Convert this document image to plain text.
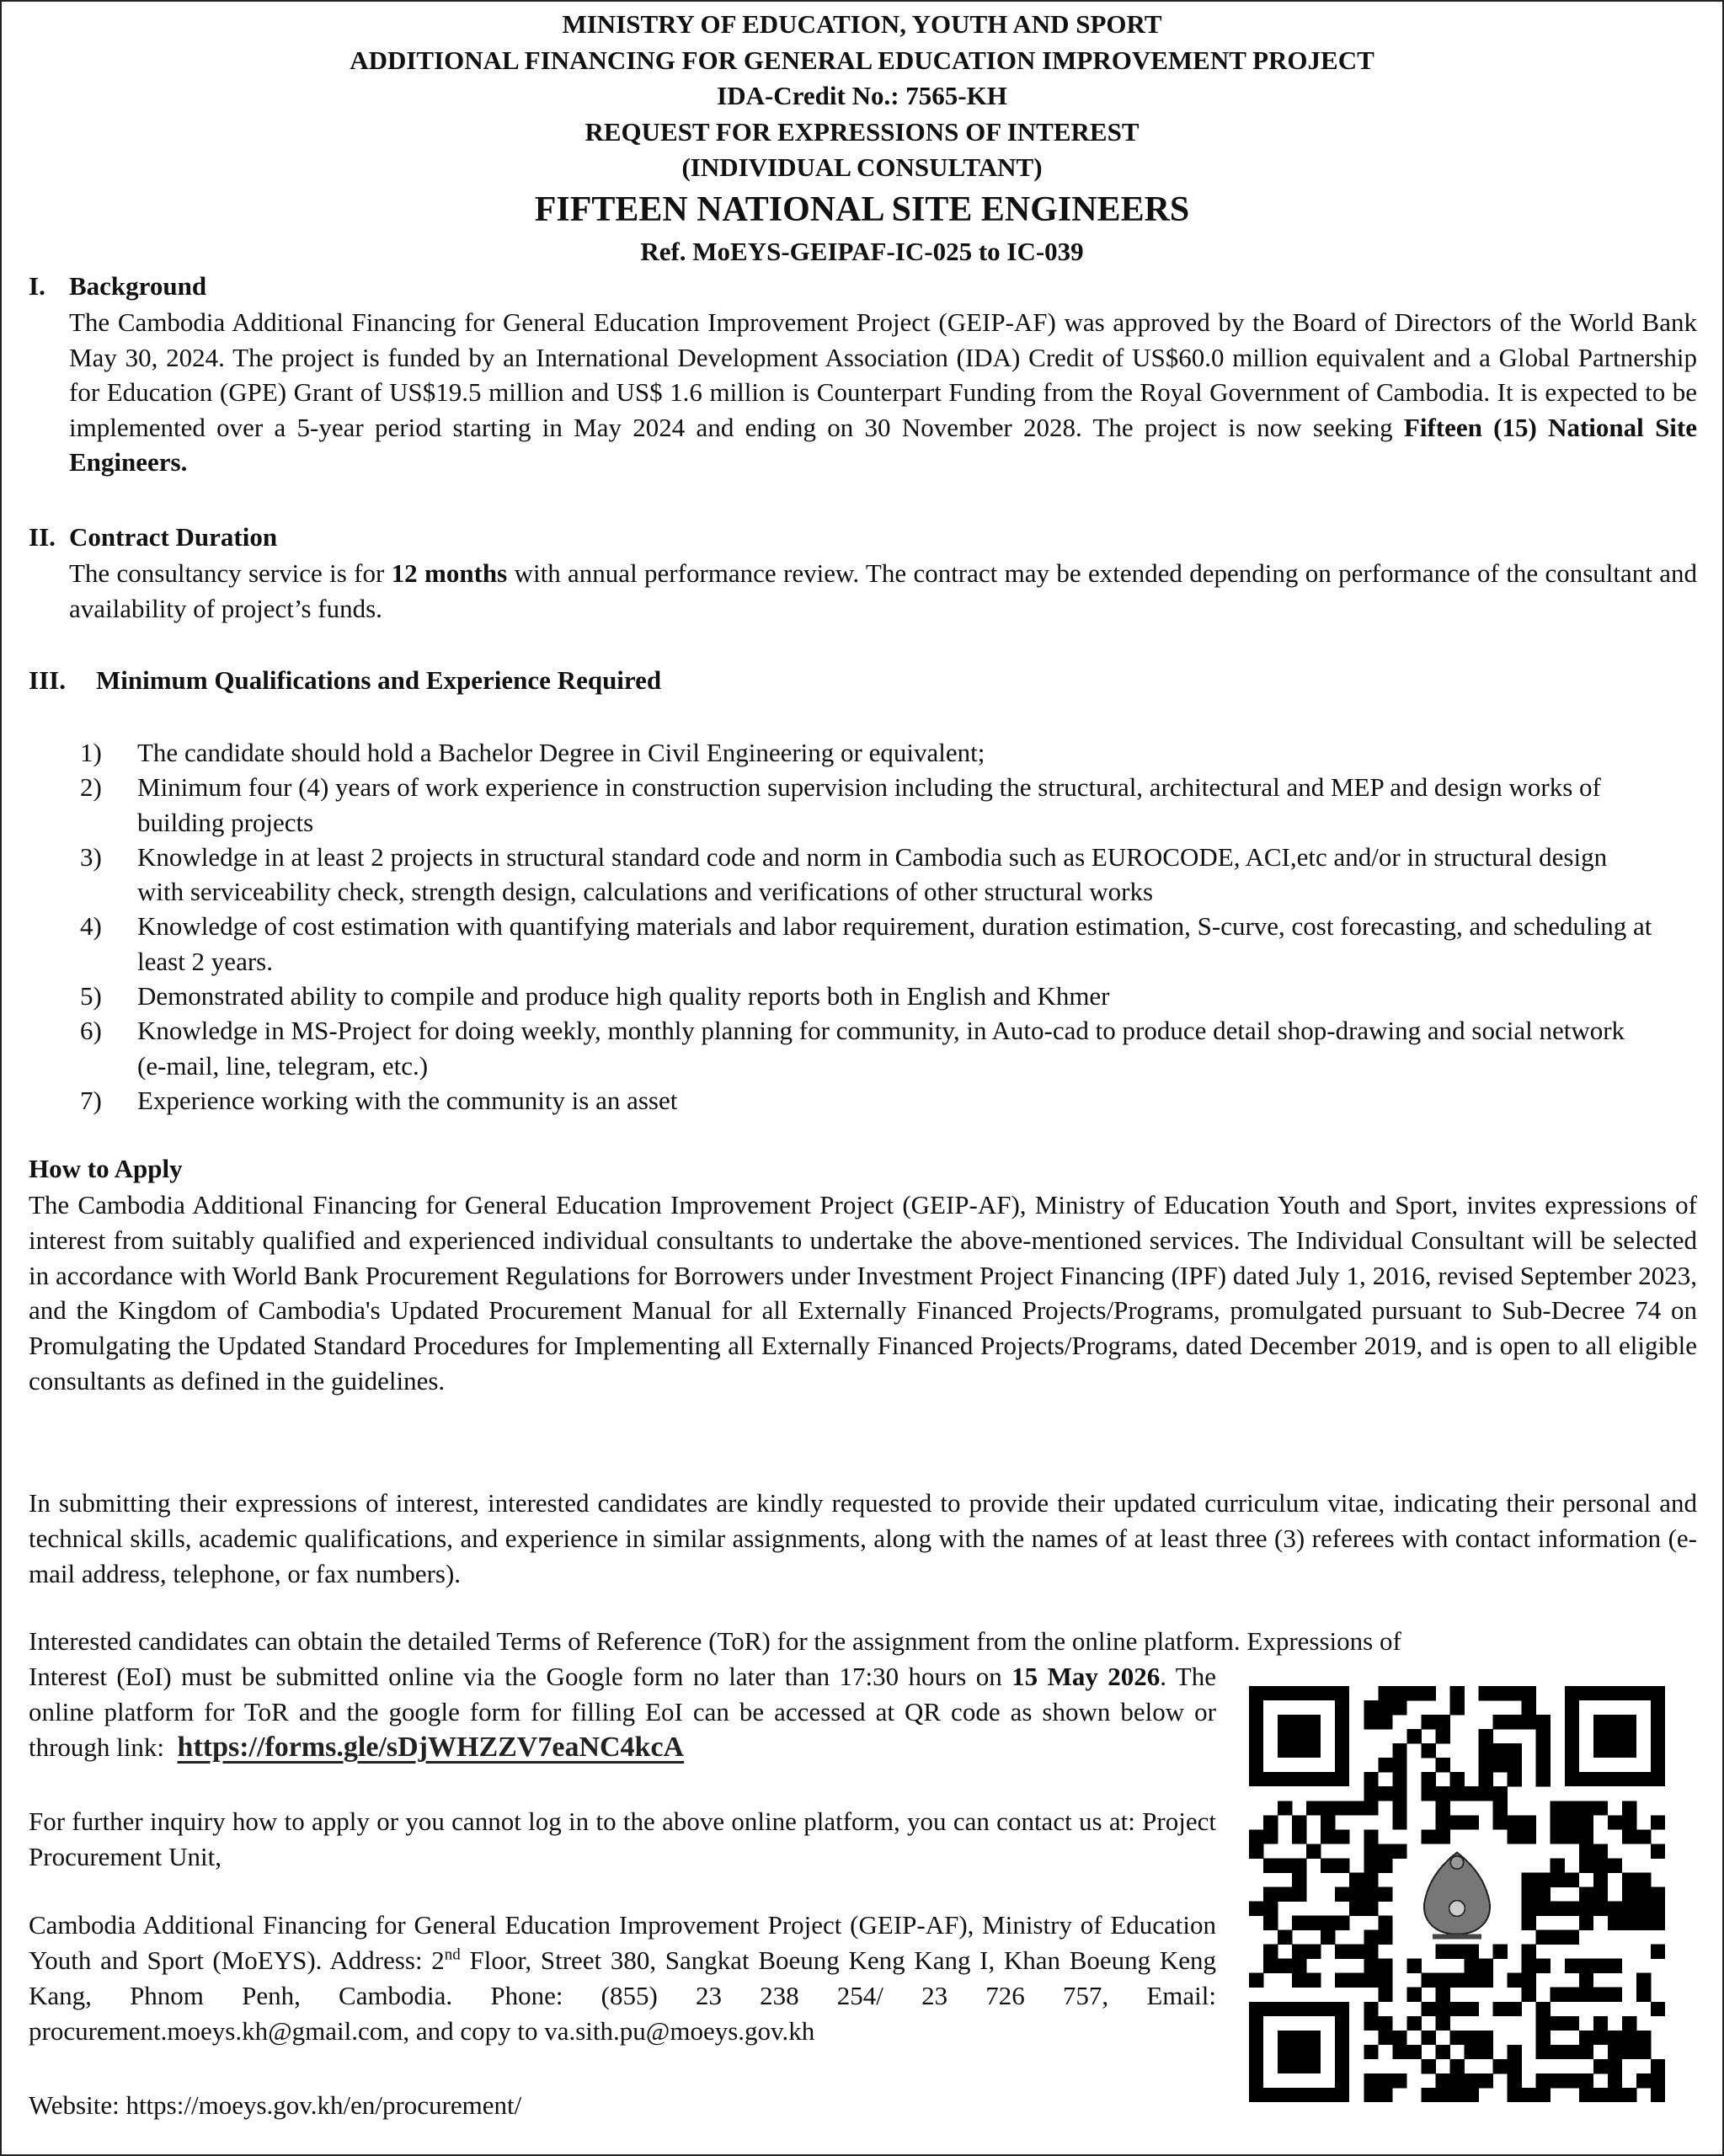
MINISTRY OF EDUCATION, YOUTH AND SPORT
ADDITIONAL FINANCING FOR GENERAL EDUCATION IMPROVEMENT PROJECT
IDA-Credit No.: 7565-KH
REQUEST FOR EXPRESSIONS OF INTEREST
(INDIVIDUAL CONSULTANT)
FIFTEEN NATIONAL SITE ENGINEERS
Ref. MoEYS-GEIPAF-IC-025 to IC-039
I. Background
The Cambodia Additional Financing for General Education Improvement Project (GEIP-AF) was approved by the Board of Directors of the World Bank May 30, 2024. The project is funded by an International Development Association (IDA) Credit of US$60.0 million equivalent and a Global Partnership for Education (GPE) Grant of US$19.5 million and US$ 1.6 million is Counterpart Funding from the Royal Government of Cambodia. It is expected to be implemented over a 5-year period starting in May 2024 and ending on 30 November 2028. The project is now seeking Fifteen (15) National Site Engineers.
II. Contract Duration
The consultancy service is for 12 months with annual performance review. The contract may be extended depending on performance of the consultant and availability of project’s funds.
III. Minimum Qualifications and Experience Required
1) The candidate should hold a Bachelor Degree in Civil Engineering or equivalent;
2) Minimum four (4) years of work experience in construction supervision including the structural, architectural and MEP and design works of building projects
3) Knowledge in at least 2 projects in structural standard code and norm in Cambodia such as EUROCODE, ACI,etc and/or in structural design with serviceability check, strength design, calculations and verifications of other structural works
4) Knowledge of cost estimation with quantifying materials and labor requirement, duration estimation, S-curve, cost forecasting, and scheduling at least 2 years.
5) Demonstrated ability to compile and produce high quality reports both in English and Khmer
6) Knowledge in MS-Project for doing weekly, monthly planning for community, in Auto-cad to produce detail shop-drawing and social network (e-mail, line, telegram, etc.)
7) Experience working with the community is an asset
How to Apply
The Cambodia Additional Financing for General Education Improvement Project (GEIP-AF), Ministry of Education Youth and Sport, invites expressions of interest from suitably qualified and experienced individual consultants to undertake the above-mentioned services. The Individual Consultant will be selected in accordance with World Bank Procurement Regulations for Borrowers under Investment Project Financing (IPF) dated July 1, 2016, revised September 2023, and the Kingdom of Cambodia's Updated Procurement Manual for all Externally Financed Projects/Programs, promulgated pursuant to Sub-Decree 74 on Promulgating the Updated Standard Procedures for Implementing all Externally Financed Projects/Programs, dated December 2019, and is open to all eligible consultants as defined in the guidelines.
In submitting their expressions of interest, interested candidates are kindly requested to provide their updated curriculum vitae, indicating their personal and technical skills, academic qualifications, and experience in similar assignments, along with the names of at least three (3) referees with contact information (e-mail address, telephone, or fax numbers).
Interested candidates can obtain the detailed Terms of Reference (ToR) for the assignment from the online platform. Expressions of
Interest (EoI) must be submitted online via the Google form no later than 17:30 hours on 15 May 2026. The online platform for ToR and the google form for filling EoI can be accessed at QR code as shown below or through link:  https://forms.gle/sDjWHZZV7eaNC4kcA
For further inquiry how to apply or you cannot log in to the above online platform, you can contact us at: Project Procurement Unit,
Cambodia Additional Financing for General Education Improvement Project (GEIP-AF), Ministry of Education Youth and Sport (MoEYS). Address: 2nd Floor, Street 380, Sangkat Boeung Keng Kang I, Khan Boeung Keng Kang, Phnom Penh, Cambodia. Phone: (855) 23 238 254/ 23 726 757, Email: procurement.moeys.kh@gmail.com, and copy to va.sith.pu@moeys.gov.kh
Website: https://moeys.gov.kh/en/procurement/
